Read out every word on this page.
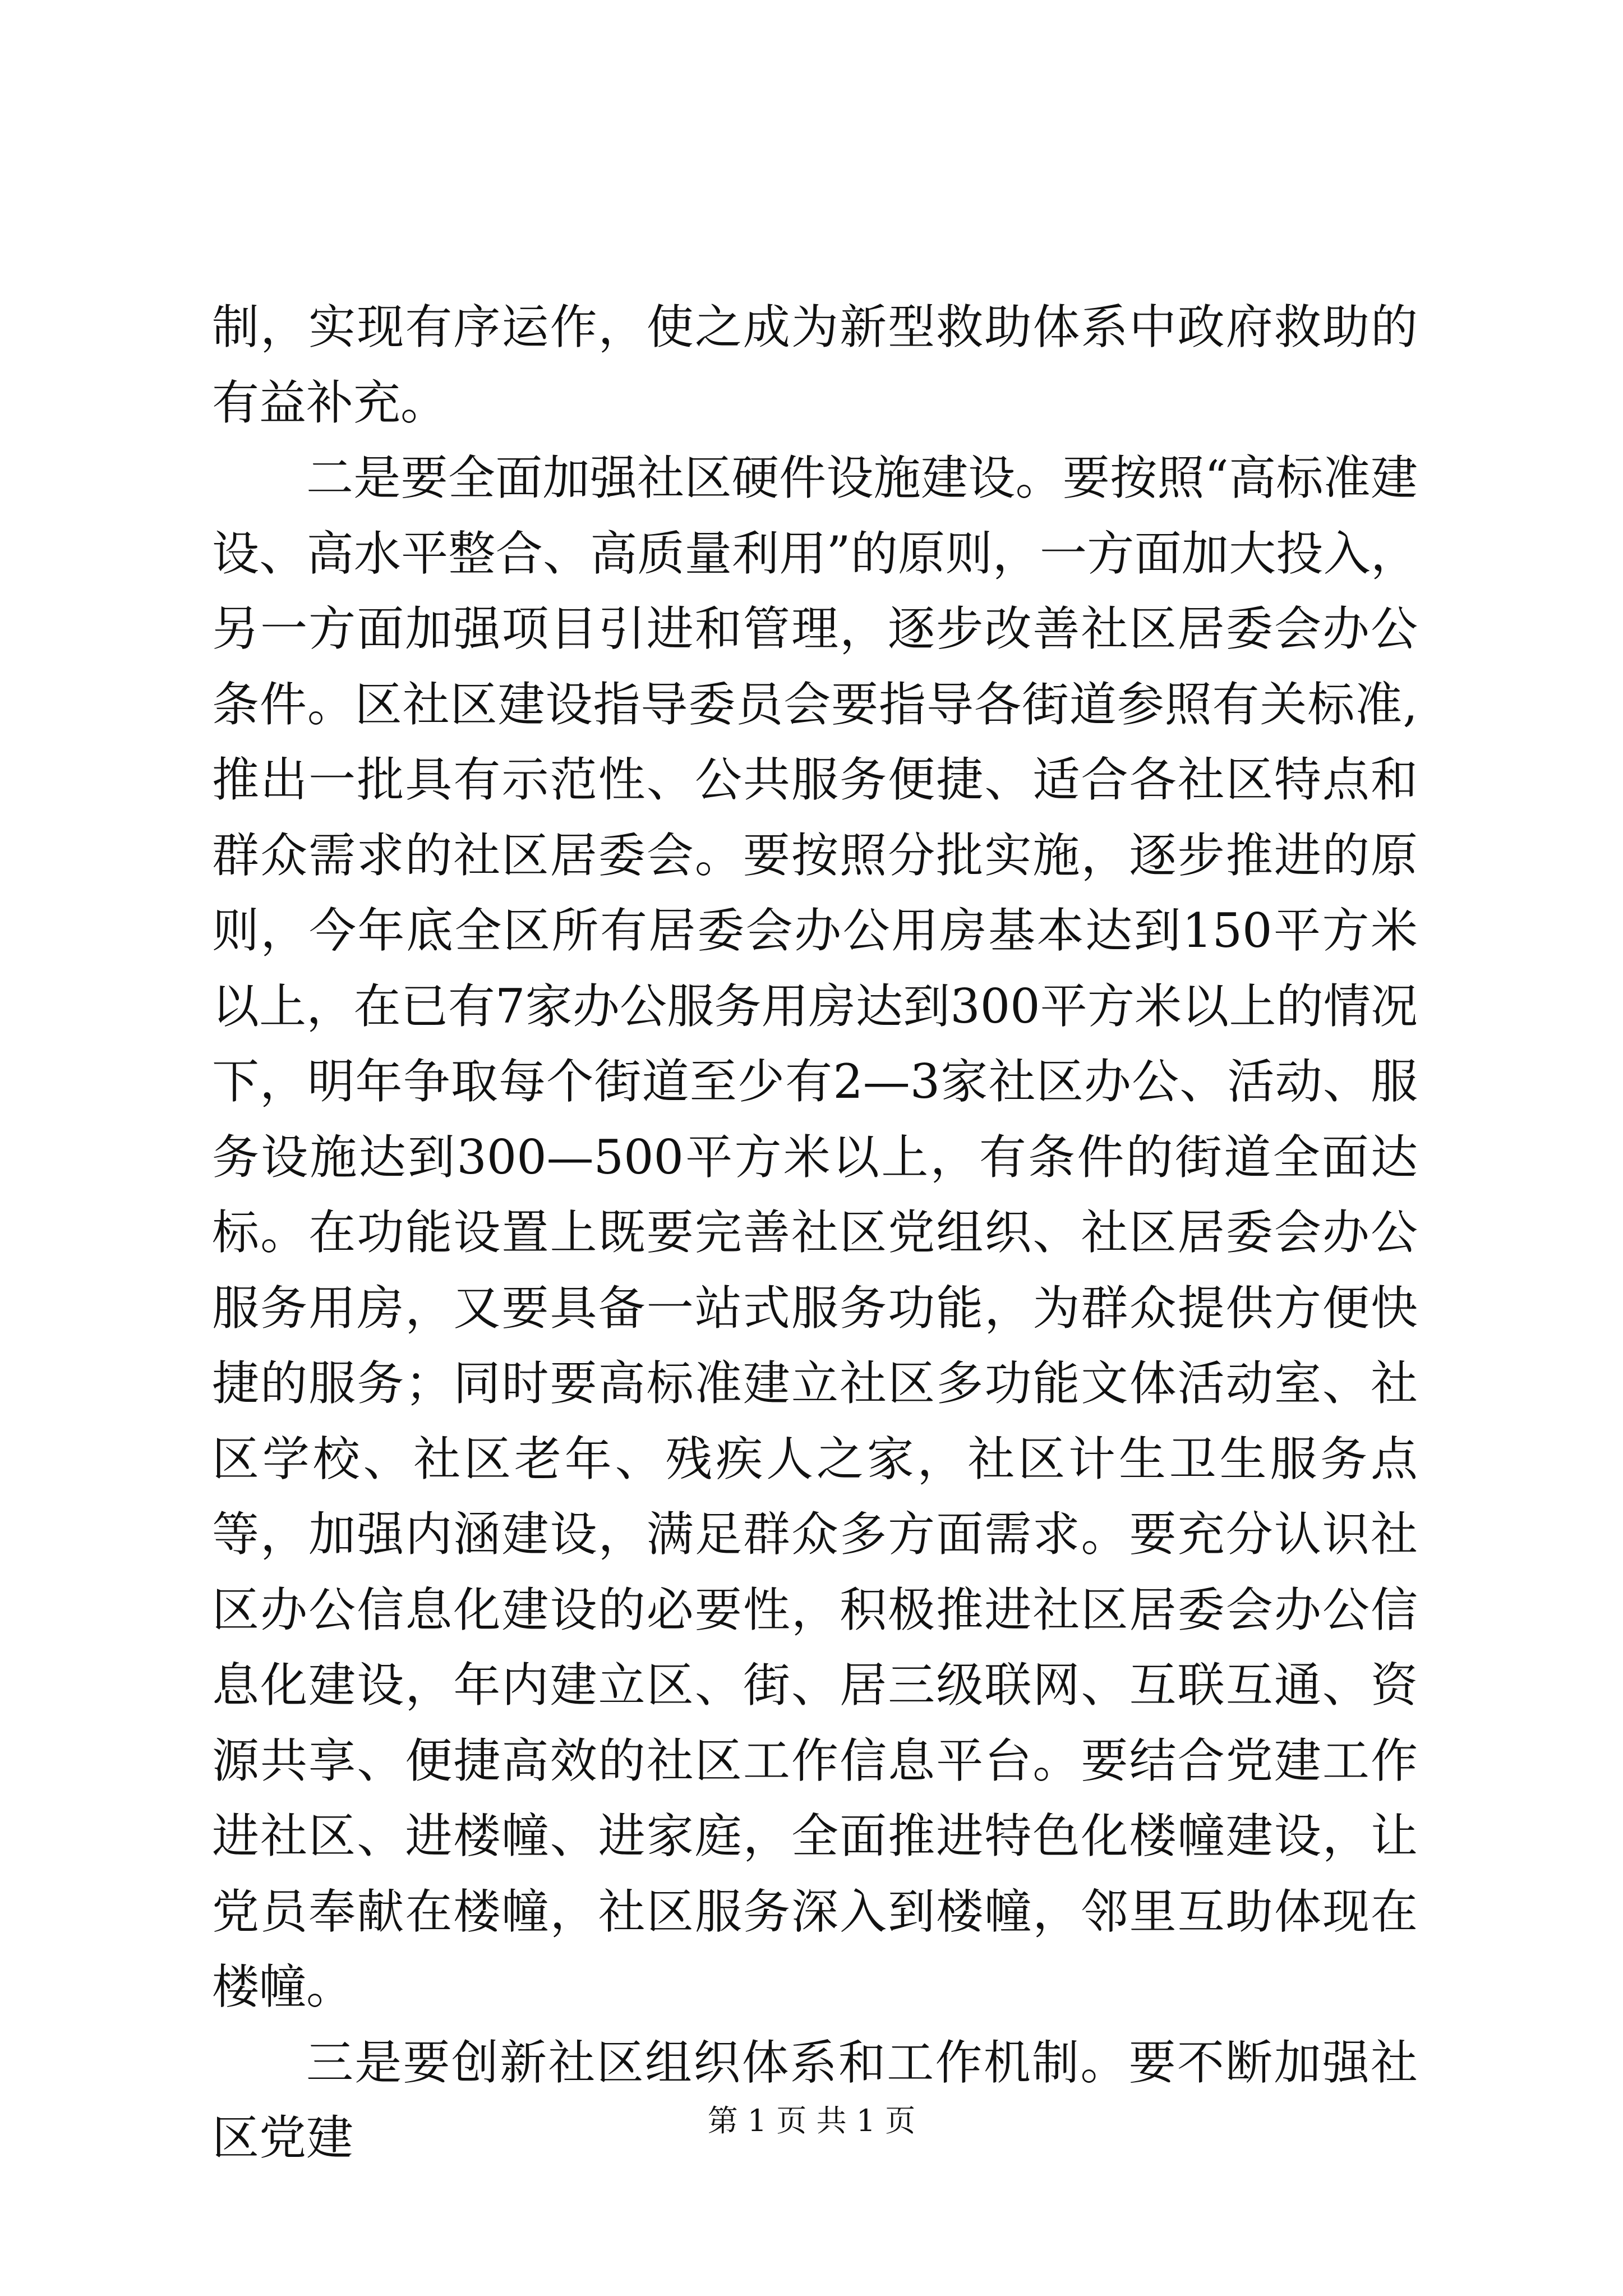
制，实现有序运作，使之成为新型救助体系中政府救助的有益补充。

二是要全面加强社区硬件设施建设。要按照“高标准建设、高水平整合、高质量利用”的原则，一方面加大投入，另一方面加强项目引进和管理，逐步改善社区居委会办公条件。区社区建设指导委员会要指导各街道参照有关标准,推出一批具有示范性、公共服务便捷、适合各社区特点和群众需求的社区居委会。要按照分批实施，逐步推进的原则，今年底全区所有居委会办公用房基本达到150平方米以上，在已有7家办公服务用房达到300平方米以上的情况下，明年争取每个街道至少有2—3家社区办公、活动、服务设施达到300—500平方米以上，有条件的街道全面达标。在功能设置上既要完善社区党组织、社区居委会办公服务用房，又要具备一站式服务功能，为群众提供方便快捷的服务；同时要高标准建立社区多功能文体活动室、社区学校、社区老年、残疾人之家，社区计生卫生服务点等，加强内涵建设，满足群众多方面需求。要充分认识社区办公信息化建设的必要性，积极推进社区居委会办公信息化建设，年内建立区、街、居三级联网、互联互通、资源共享、便捷高效的社区工作信息平台。要结合党建工作进社区、进楼幢、进家庭，全面推进特色化楼幢建设，让党员奉献在楼幢，社区服务深入到楼幢，邻里互助体现在楼幢。

三是要创新社区组织体系和工作机制。要不断加强社区党建	第 1 页 共 1 页
